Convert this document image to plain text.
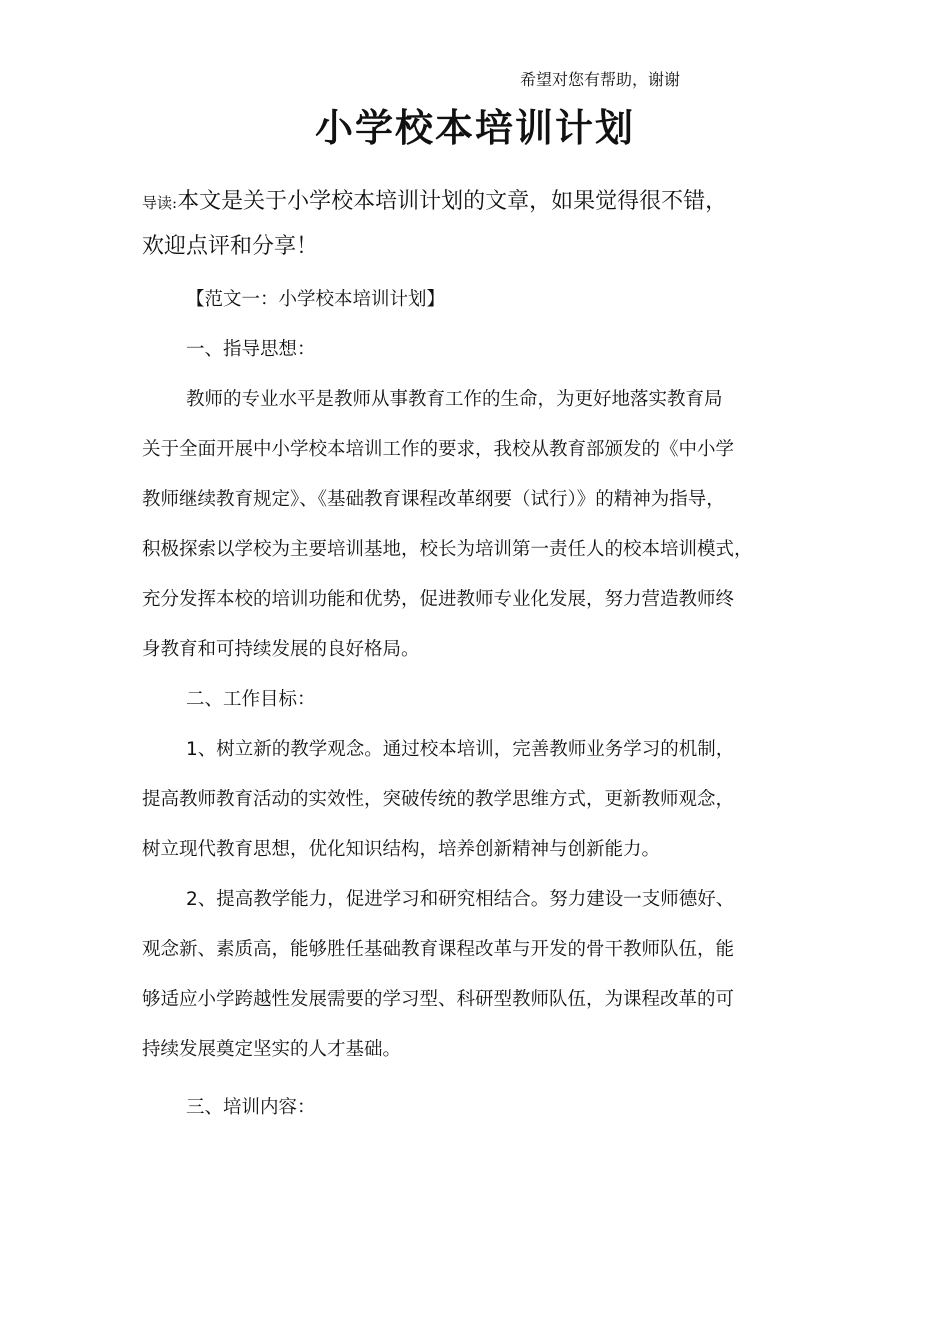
希望对您有帮助，谢谢
小学校本培训计划
导读:本文是关于小学校本培训计划的文章，如果觉得很不错，
欢迎点评和分享！
【范文一：小学校本培训计划】
一、指导思想：
教师的专业水平是教师从事教育工作的生命，为更好地落实教育局
关于全面开展中小学校本培训工作的要求，我校从教育部颁发的《中小学
教师继续教育规定》、《基础教育课程改革纲要（试行）》的精神为指导，
积极探索以学校为主要培训基地，校长为培训第一责任人的校本培训模式，
充分发挥本校的培训功能和优势，促进教师专业化发展，努力营造教师终
身教育和可持续发展的良好格局。
二、工作目标：
1、树立新的教学观念。通过校本培训，完善教师业务学习的机制，
提高教师教育活动的实效性，突破传统的教学思维方式，更新教师观念，
树立现代教育思想，优化知识结构，培养创新精神与创新能力。
2、提高教学能力，促进学习和研究相结合。努力建设一支师德好、
观念新、素质高，能够胜任基础教育课程改革与开发的骨干教师队伍，能
够适应小学跨越性发展需要的学习型、科研型教师队伍，为课程改革的可
持续发展奠定坚实的人才基础。
三、培训内容：
